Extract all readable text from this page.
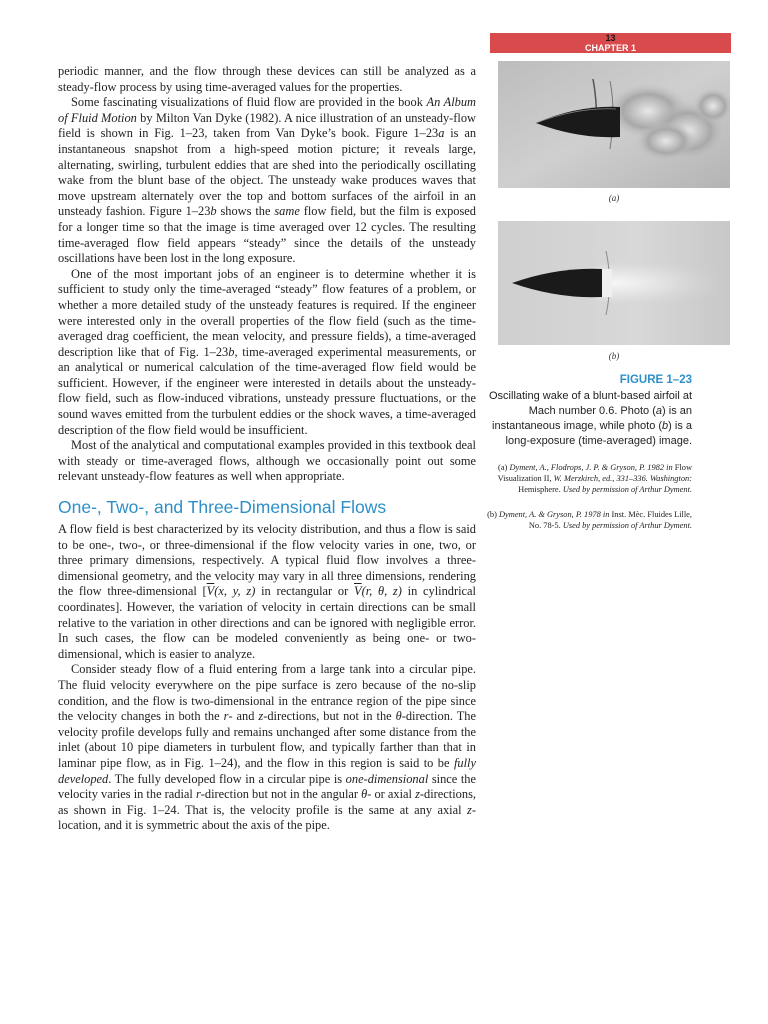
13
CHAPTER 1

periodic manner, and the flow through these devices can still be analyzed as a steady-flow process by using time-averaged values for the properties.

Some fascinating visualizations of fluid flow are provided in the book An Album of Fluid Motion by Milton Van Dyke (1982). A nice illustration of an unsteady-flow field is shown in Fig. 1–23, taken from Van Dyke’s book. Figure 1–23a is an instantaneous snapshot from a high-speed motion picture; it reveals large, alternating, swirling, turbulent eddies that are shed into the periodically oscillating wake from the blunt base of the object. The unsteady wake produces waves that move upstream alternately over the top and bottom surfaces of the airfoil in an unsteady fashion. Figure 1–23b shows the same flow field, but the film is exposed for a longer time so that the image is time averaged over 12 cycles. The resulting time-averaged flow field appears “steady” since the details of the unsteady oscillations have been lost in the long exposure.

One of the most important jobs of an engineer is to determine whether it is sufficient to study only the time-averaged “steady” flow features of a problem, or whether a more detailed study of the unsteady features is required. If the engineer were interested only in the overall properties of the flow field (such as the time-averaged drag coefficient, the mean velocity, and pressure fields), a time-averaged description like that of Fig. 1–23b, time-averaged experimental measurements, or an analytical or numerical calculation of the time-averaged flow field would be sufficient. However, if the engineer were interested in details about the unsteady-flow field, such as flow-induced vibrations, unsteady pressure fluctuations, or the sound waves emitted from the turbulent eddies or the shock waves, a time-averaged description of the flow field would be insufficient.

Most of the analytical and computational examples provided in this textbook deal with steady or time-averaged flows, although we occasionally point out some relevant unsteady-flow features as well when appropriate.

One-, Two-, and Three-Dimensional Flows

A flow field is best characterized by its velocity distribution, and thus a flow is said to be one-, two-, or three-dimensional if the flow velocity varies in one, two, or three primary dimensions, respectively. A typical fluid flow involves a three-dimensional geometry, and the velocity may vary in all three dimensions, rendering the flow three-dimensional [$\overline{V}(x$, y, z) in rectangular or $\overline{V}(r$, θ, z) in cylindrical coordinates]. However, the variation of velocity in certain directions can be small relative to the variation in other directions and can be ignored with negligible error. In such cases, the flow can be modeled conveniently as being one- or two-dimensional, which is easier to analyze.

Consider steady flow of a fluid entering from a large tank into a circular pipe. The fluid velocity everywhere on the pipe surface is zero because of the no-slip condition, and the flow is two-dimensional in the entrance region of the pipe since the velocity changes in both the r- and z-directions, but not in the θ-direction. The velocity profile develops fully and remains unchanged after some distance from the inlet (about 10 pipe diameters in turbulent flow, and typically farther than that in laminar pipe flow, as in Fig. 1–24), and the flow in this region is said to be fully developed. The fully developed flow in a circular pipe is one-dimensional since the velocity varies in the radial r-direction but not in the angular θ- or axial z-directions, as shown in Fig. 1–24. That is, the velocity profile is the same at any axial z-location, and it is symmetric about the axis of the pipe.

(a)
(b)
FIGURE 1–23
Oscillating wake of a blunt-based airfoil at Mach number 0.6. Photo (a) is an instantaneous image, while photo (b) is a long-exposure (time-averaged) image.
(a) Dyment, A., Flodrops, J. P. & Gryson, P. 1982 in Flow Visualization II, W. Merzkirch, ed., 331–336. Washington: Hemisphere. Used by permission of Arthur Dyment.
(b) Dyment, A. & Gryson, P. 1978 in Inst. Mèc. Fluides Lille, No. 78-5. Used by permission of Arthur Dyment.
